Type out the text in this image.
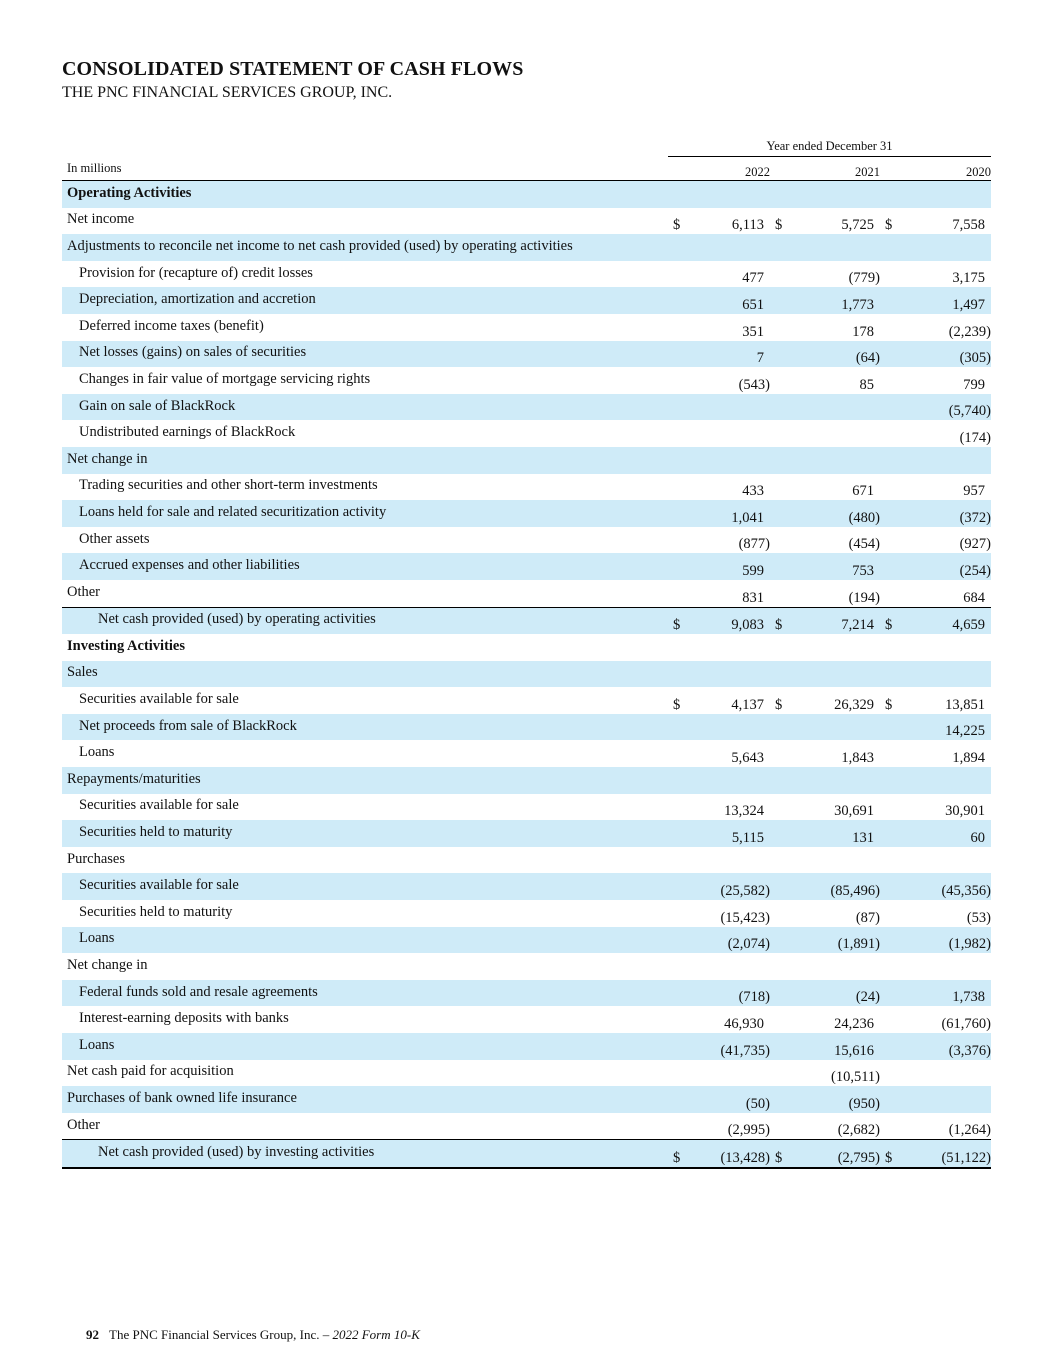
CONSOLIDATED STATEMENT OF CASH FLOWS
THE PNC FINANCIAL SERVICES GROUP, INC.
Year ended December 31
In millions		2022		2021		2020
Operating Activities						
Net income	$	6,113	$	5,725	$	7,558
Adjustments to reconcile net income to net cash provided (used) by operating activities						
Provision for (recapture of) credit losses		477		(779)		3,175
Depreciation, amortization and accretion		651		1,773		1,497
Deferred income taxes (benefit)		351		178		(2,239)
Net losses (gains) on sales of securities		7		(64)		(305)
Changes in fair value of mortgage servicing rights		(543)		85		799
Gain on sale of BlackRock						(5,740)
Undistributed earnings of BlackRock						(174)
Net change in						
Trading securities and other short-term investments		433		671		957
Loans held for sale and related securitization activity		1,041		(480)		(372)
Other assets		(877)		(454)		(927)
Accrued expenses and other liabilities		599		753		(254)
Other		831		(194)		684
Net cash provided (used) by operating activities	$	9,083	$	7,214	$	4,659
Investing Activities						
Sales						
Securities available for sale	$	4,137	$	26,329	$	13,851
Net proceeds from sale of BlackRock						14,225
Loans		5,643		1,843		1,894
Repayments/maturities						
Securities available for sale		13,324		30,691		30,901
Securities held to maturity		5,115		131		60
Purchases						
Securities available for sale		(25,582)		(85,496)		(45,356)
Securities held to maturity		(15,423)		(87)		(53)
Loans		(2,074)		(1,891)		(1,982)
Net change in						
Federal funds sold and resale agreements		(718)		(24)		1,738
Interest-earning deposits with banks		46,930		24,236		(61,760)
Loans		(41,735)		15,616		(3,376)
Net cash paid for acquisition				(10,511)		
Purchases of bank owned life insurance		(50)		(950)		
Other		(2,995)		(2,682)		(1,264)
Net cash provided (used) by investing activities	$	(13,428)	$	(2,795)	$	(51,122)
92 The PNC Financial Services Group, Inc. – 2022 Form 10-K
